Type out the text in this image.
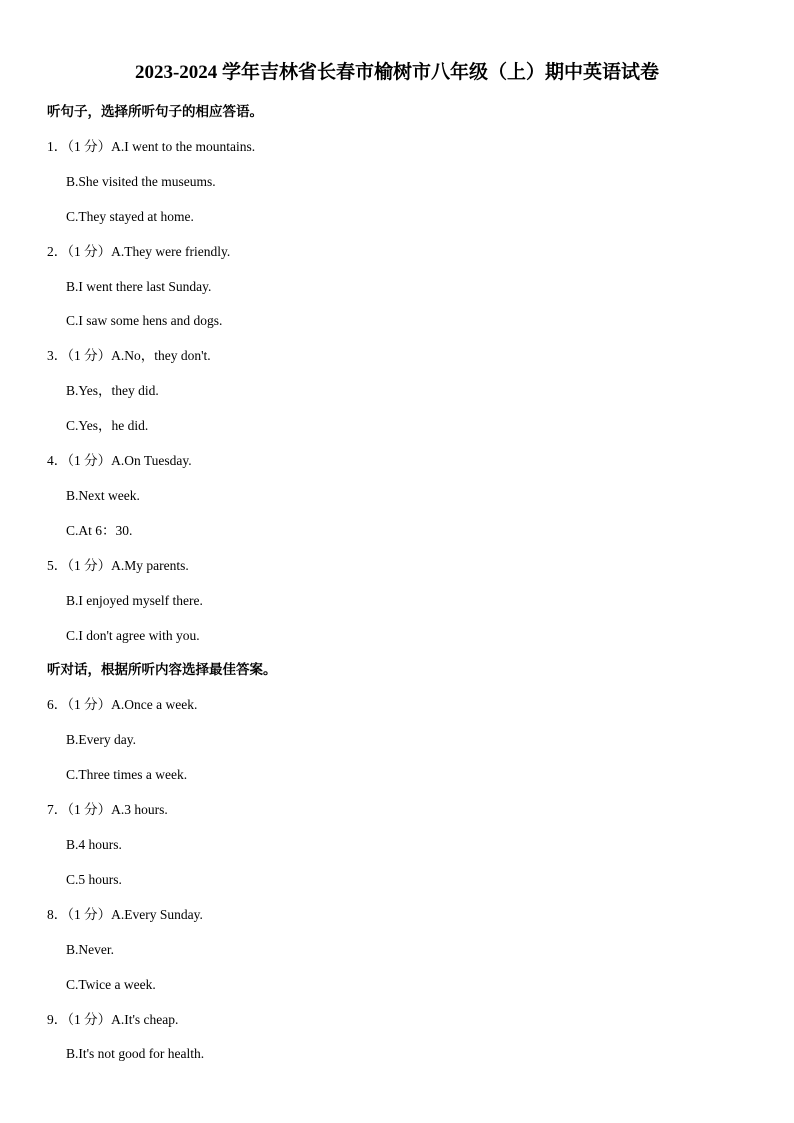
2023-2024 学年吉林省长春市榆树市八年级（上）期中英语试卷
听句子，选择所听句子的相应答语。
1．（1 分）A.I went to the mountains.
B.She visited the museums.
C.They stayed at home.
2．（1 分）A.They were friendly.
B.I went there last Sunday.
C.I saw some hens and dogs.
3．（1 分）A.No，they don't.
B.Yes，they did.
C.Yes，he did.
4．（1 分）A.On Tuesday.
B.Next week.
C.At 6：30.
5．（1 分）A.My parents.
B.I enjoyed myself there.
C.I don't agree with you.
听对话，根据所听内容选择最佳答案。
6．（1 分）A.Once a week.
B.Every day.
C.Three times a week.
7．（1 分）A.3 hours.
B.4 hours.
C.5 hours.
8．（1 分）A.Every Sunday.
B.Never.
C.Twice a week.
9．（1 分）A.It's cheap.
B.It's not good for health.
